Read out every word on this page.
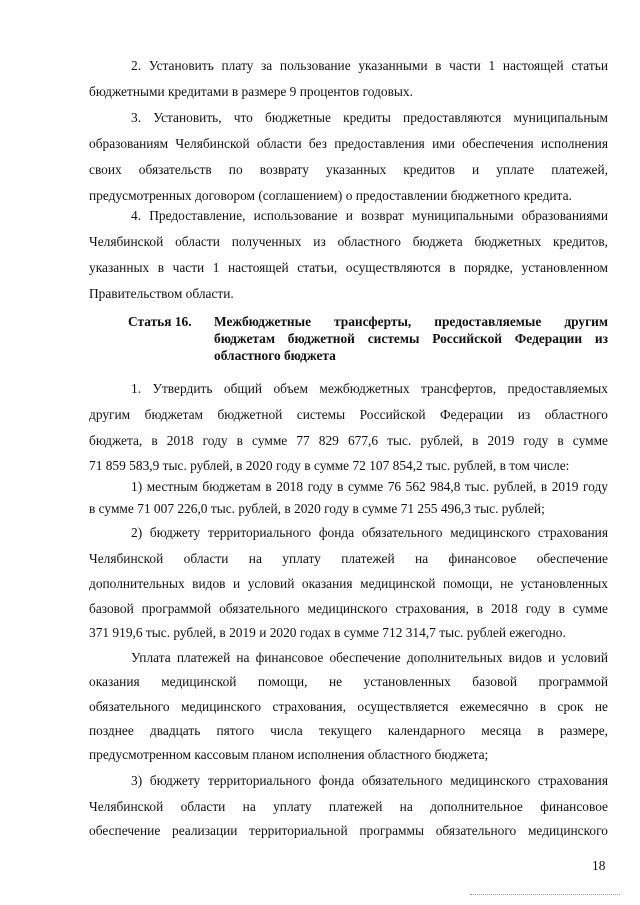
2. Установить плату за пользование указанными в части 1 настоящей статьи
бюджетными кредитами в размере 9 процентов годовых.
3. Установить, что бюджетные кредиты предоставляются муниципальным
образованиям Челябинской области без предоставления ими обеспечения исполнения
своих обязательств по возврату указанных кредитов и уплате платежей,
предусмотренных договором (соглашением) о предоставлении бюджетного кредита.
4. Предоставление, использование и возврат муниципальными образованиями
Челябинской области полученных из областного бюджета бюджетных кредитов,
указанных в части 1 настоящей статьи, осуществляются в порядке, установленном
Правительством области.
Статья 16. Межбюджетные трансферты, предоставляемые другим
бюджетам бюджетной системы Российской Федерации из
областного бюджета
1. Утвердить общий объем межбюджетных трансфертов, предоставляемых
другим бюджетам бюджетной системы Российской Федерации из областного
бюджета, в 2018 году в сумме 77 829 677,6 тыс. рублей, в 2019 году в сумме
71 859 583,9 тыс. рублей, в 2020 году в сумме 72 107 854,2 тыс. рублей, в том числе:
1) местным бюджетам в 2018 году в сумме 76 562 984,8 тыс. рублей, в 2019 году
в сумме 71 007 226,0 тыс. рублей, в 2020 году в сумме 71 255 496,3 тыс. рублей;
2) бюджету территориального фонда обязательного медицинского страхования
Челябинской области на уплату платежей на финансовое обеспечение
дополнительных видов и условий оказания медицинской помощи, не установленных
базовой программой обязательного медицинского страхования, в 2018 году в сумме
371 919,6 тыс. рублей, в 2019 и 2020 годах в сумме 712 314,7 тыс. рублей ежегодно.
Уплата платежей на финансовое обеспечение дополнительных видов и условий
оказания медицинской помощи, не установленных базовой программой
обязательного медицинского страхования, осуществляется ежемесячно в срок не
позднее двадцать пятого числа текущего календарного месяца в размере,
предусмотренном кассовым планом исполнения областного бюджета;
3) бюджету территориального фонда обязательного медицинского страхования
Челябинской области на уплату платежей на дополнительное финансовое
обеспечение реализации территориальной программы обязательного медицинского
18
